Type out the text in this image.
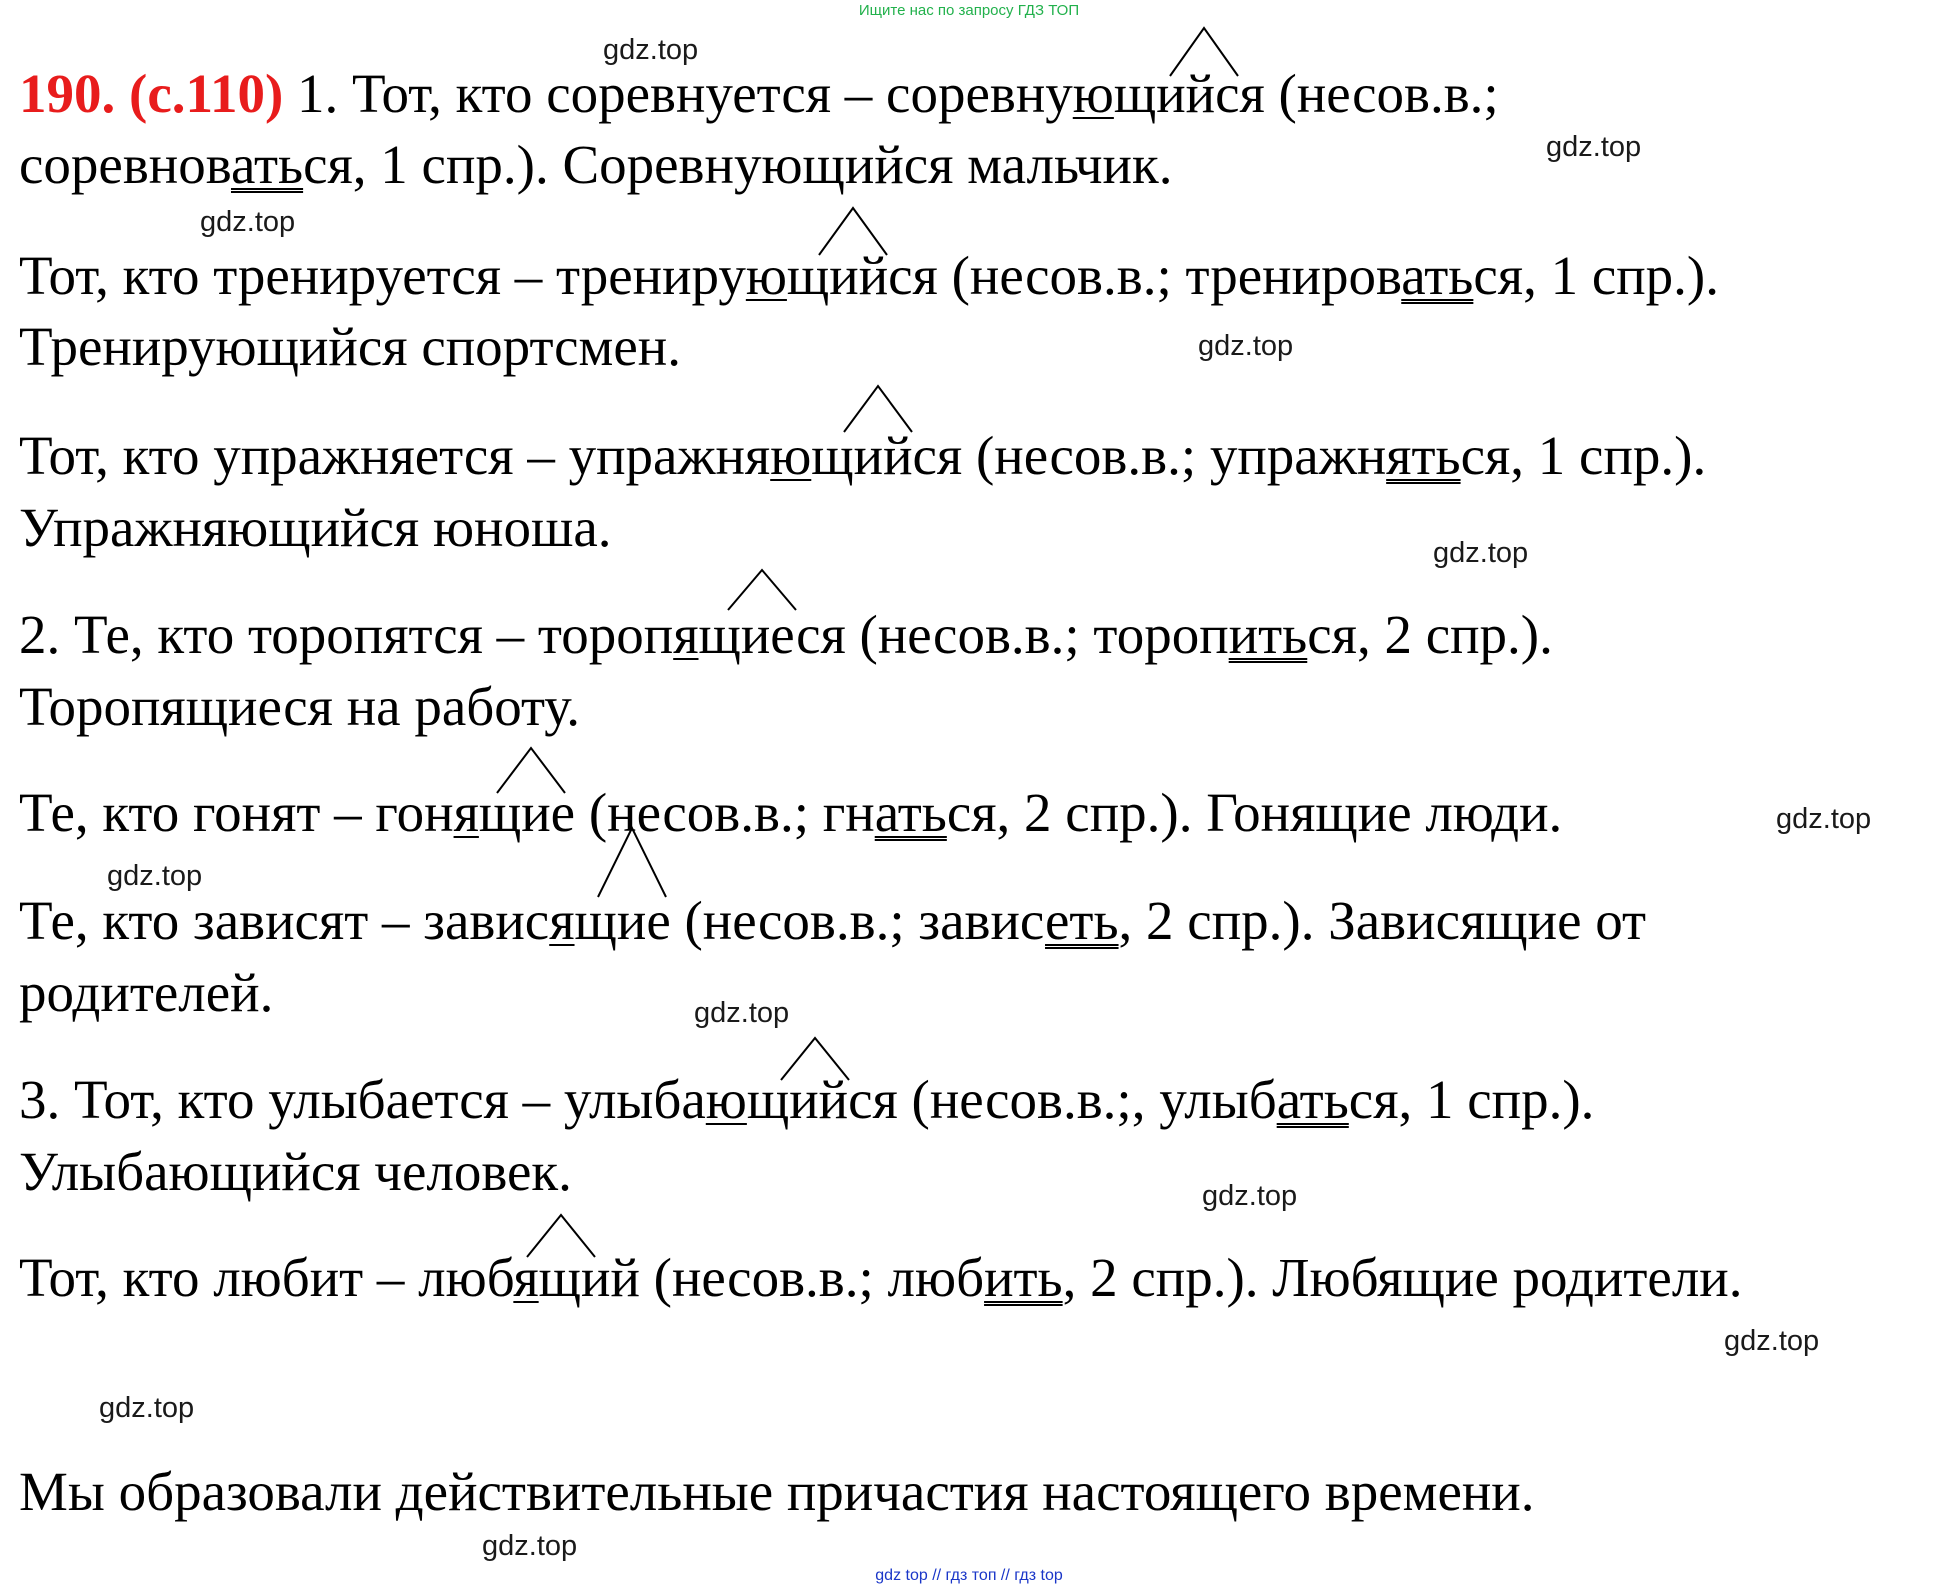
Ищите нас по запросу ГДЗ ТОП
190. (с.110) 1. Тот, кто соревнуется – соревнующийся (несов.в.;
соревноваться, 1 спр.). Соревнующийся мальчик.
Тот, кто тренируется – тренирующийся (несов.в.; тренироваться, 1 спр.).
Тренирующийся спортсмен.
Тот, кто упражняется – упражняющийся (несов.в.; упражняться, 1 спр.).
Упражняющийся юноша.
2. Те, кто торопятся – торопящиеся (несов.в.; торопиться, 2 спр.).
Торопящиеся на работу.
Те, кто гонят – гонящие (несов.в.; гнаться, 2 спр.). Гонящие люди.
Те, кто зависят – зависящие (несов.в.; зависеть, 2 спр.). Зависящие от
родителей.
3. Тот, кто улыбается – улыбающийся (несов.в.;, улыбаться, 1 спр.).
Улыбающийся человек.
Тот, кто любит – любящий (несов.в.; любить, 2 спр.). Любящие родители.
Мы образовали действительные причастия настоящего времени.
gdz.top
gdz.top
gdz.top
gdz.top
gdz.top
gdz.top
gdz.top
gdz.top
gdz.top
gdz.top
gdz.top
gdz.top
gdz top // гдз топ // гдз top
